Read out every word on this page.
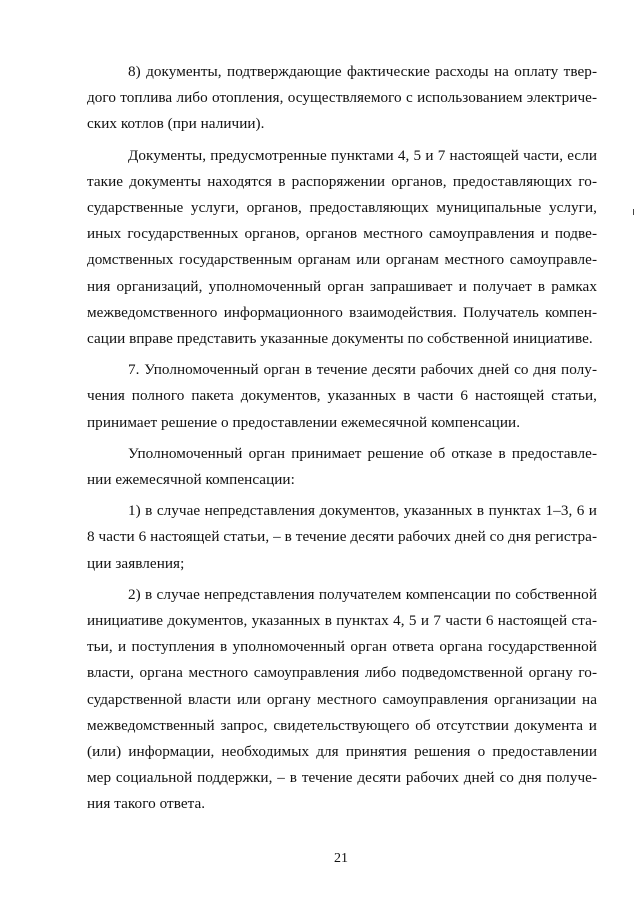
8) документы, подтверждающие фактические расходы на оплату твердого топлива либо отопления, осуществляемого с использованием электрических котлов (при наличии).

Документы, предусмотренные пунктами 4, 5 и 7 настоящей части, если такие документы находятся в распоряжении органов, предоставляющих государственные услуги, органов, предоставляющих муниципальные услуги, иных государственных органов, органов местного самоуправления и подведомственных государственным органам или органам местного самоуправления организаций, уполномоченный орган запрашивает и получает в рамках межведомственного информационного взаимодействия. Получатель компенсации вправе представить указанные документы по собственной инициативе.

7. Уполномоченный орган в течение десяти рабочих дней со дня получения полного пакета документов, указанных в части 6 настоящей статьи, принимает решение о предоставлении ежемесячной компенсации.

Уполномоченный орган принимает решение об отказе в предоставлении ежемесячной компенсации:

1) в случае непредставления документов, указанных в пунктах 1–3, 6 и 8 части 6 настоящей статьи, – в течение десяти рабочих дней со дня регистрации заявления;

2) в случае непредставления получателем компенсации по собственной инициативе документов, указанных в пунктах 4, 5 и 7 части 6 настоящей статьи, и поступления в уполномоченный орган ответа органа государственной власти, органа местного самоуправления либо подведомственной органу государственной власти или органу местного самоуправления организации на межведомственный запрос, свидетельствующего об отсутствии документа и (или) информации, необходимых для принятия решения о предоставлении мер социальной поддержки, – в течение десяти рабочих дней со дня получения такого ответа.

21
